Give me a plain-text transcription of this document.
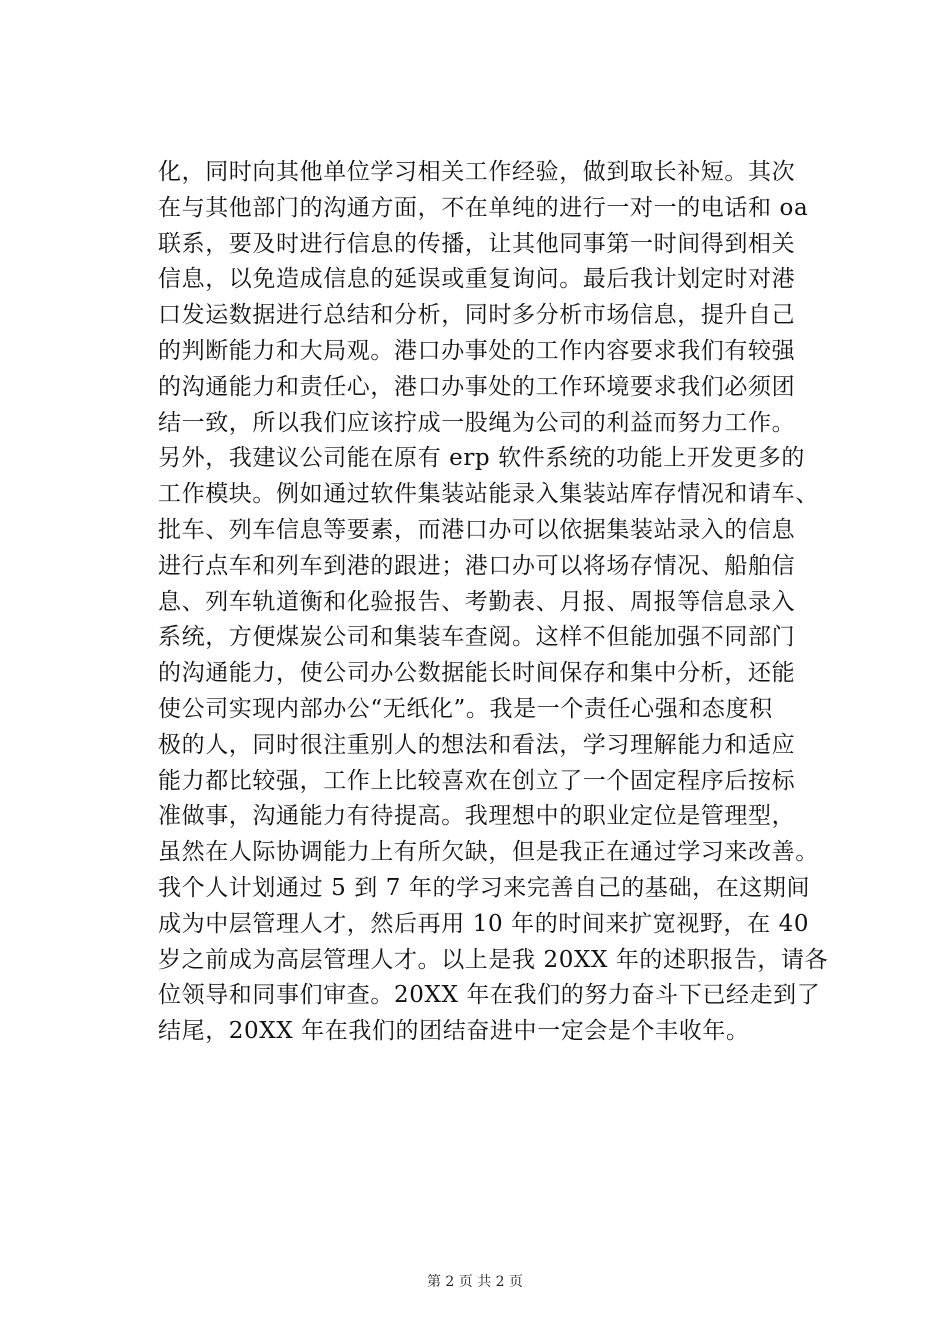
化，同时向其他单位学习相关工作经验，做到取长补短。其次
在与其他部门的沟通方面，不在单纯的进行一对一的电话和 oa
联系，要及时进行信息的传播，让其他同事第一时间得到相关
信息，以免造成信息的延误或重复询问。最后我计划定时对港
口发运数据进行总结和分析，同时多分析市场信息，提升自己
的判断能力和大局观。港口办事处的工作内容要求我们有较强
的沟通能力和责任心，港口办事处的工作环境要求我们必须团
结一致，所以我们应该拧成一股绳为公司的利益而努力工作。
另外，我建议公司能在原有 erp 软件系统的功能上开发更多的
工作模块。例如通过软件集装站能录入集装站库存情况和请车、
批车、列车信息等要素，而港口办可以依据集装站录入的信息
进行点车和列车到港的跟进；港口办可以将场存情况、船舶信
息、列车轨道衡和化验报告、考勤表、月报、周报等信息录入
系统，方便煤炭公司和集装车查阅。这样不但能加强不同部门
的沟通能力，使公司办公数据能长时间保存和集中分析，还能
使公司实现内部办公“无纸化”。我是一个责任心强和态度积
极的人，同时很注重别人的想法和看法，学习理解能力和适应
能力都比较强，工作上比较喜欢在创立了一个固定程序后按标
准做事，沟通能力有待提高。我理想中的职业定位是管理型，
虽然在人际协调能力上有所欠缺，但是我正在通过学习来改善。
我个人计划通过 5 到 7 年的学习来完善自己的基础，在这期间
成为中层管理人才，然后再用 10 年的时间来扩宽视野，在 40
岁之前成为高层管理人才。以上是我 20XX 年的述职报告，请各
位领导和同事们审查。20XX 年在我们的努力奋斗下已经走到了
结尾，20XX 年在我们的团结奋进中一定会是个丰收年。
第 2 页 共 2 页
